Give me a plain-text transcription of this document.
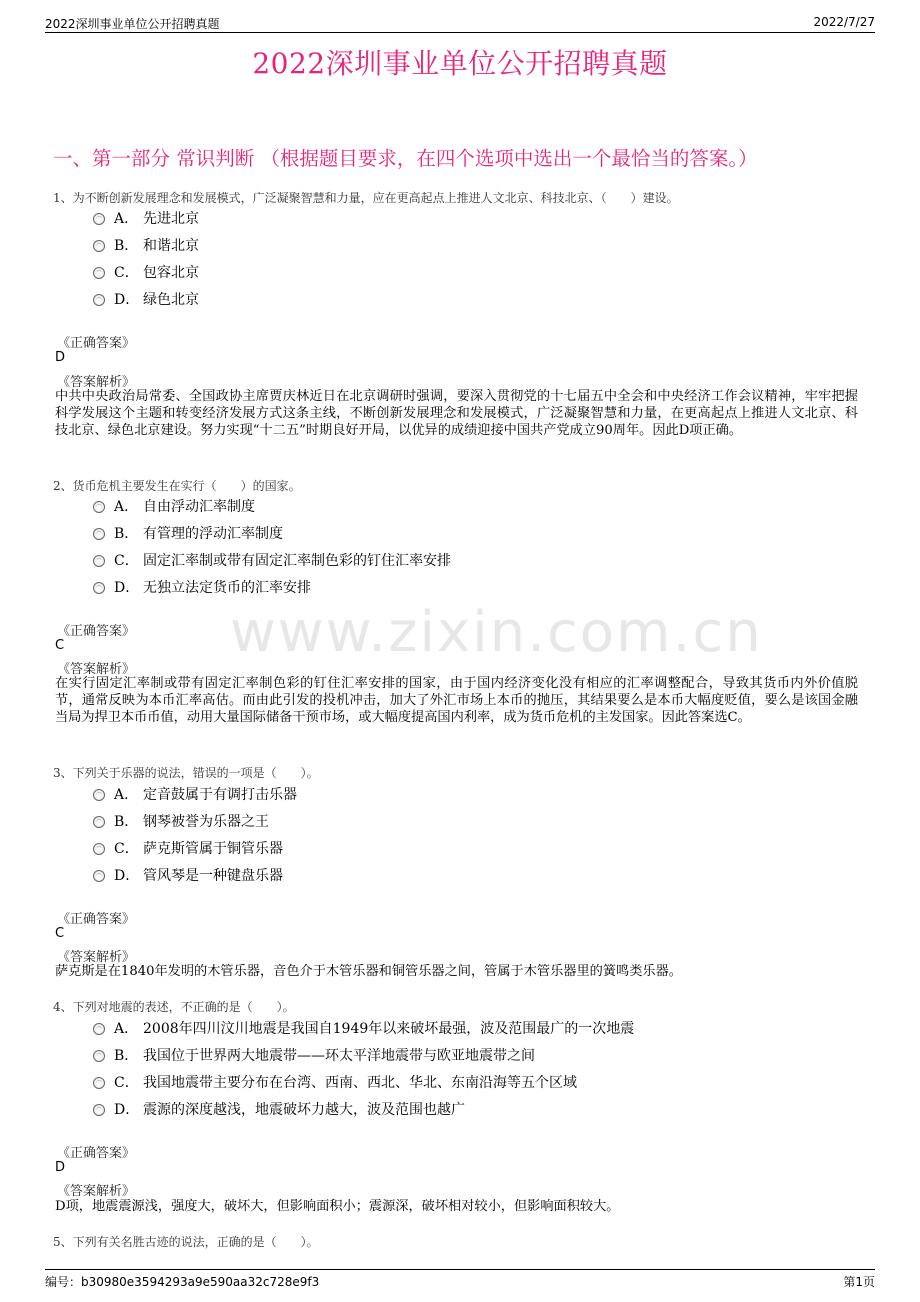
2022深圳事业单位公开招聘真题	2022/7/27
2022深圳事业单位公开招聘真题
一、第一部分 常识判断 （根据题目要求，在四个选项中选出一个最恰当的答案。）
www.zixin.com.cn
1、为不断创新发展理念和发展模式，广泛凝聚智慧和力量，应在更高起点上推进人文北京、科技北京、（　　）建设。
A． 先进北京
B． 和谐北京
C． 包容北京
D． 绿色北京
《正确答案》
D
《答案解析》
中共中央政治局常委、全国政协主席贾庆林近日在北京调研时强调，要深入贯彻党的十七届五中全会和中央经济工作会议精神，牢牢把握科学发展这个主题和转变经济发展方式这条主线，不断创新发展理念和发展模式，广泛凝聚智慧和力量，在更高起点上推进人文北京、科技北京、绿色北京建设。努力实现“十二五”时期良好开局，以优异的成绩迎接中国共产党成立90周年。因此D项正确。
2、货币危机主要发生在实行（　　）的国家。
A． 自由浮动汇率制度
B． 有管理的浮动汇率制度
C． 固定汇率制或带有固定汇率制色彩的钉住汇率安排
D． 无独立法定货币的汇率安排
《正确答案》
C
《答案解析》
在实行固定汇率制或带有固定汇率制色彩的钉住汇率安排的国家，由于国内经济变化没有相应的汇率调整配合，导致其货币内外价值脱节，通常反映为本币汇率高估。而由此引发的投机冲击，加大了外汇市场上本币的抛压，其结果要么是本币大幅度贬值，要么是该国金融当局为捍卫本币币值，动用大量国际储备干预市场，或大幅度提高国内利率，成为货币危机的主发国家。因此答案选C。
3、下列关于乐器的说法，错误的一项是（　　）。
A． 定音鼓属于有调打击乐器
B． 钢琴被誉为乐器之王
C． 萨克斯管属于铜管乐器
D． 管风琴是一种键盘乐器
《正确答案》
C
《答案解析》
萨克斯是在1840年发明的木管乐器，音色介于木管乐器和铜管乐器之间，管属于木管乐器里的簧鸣类乐器。
4、下列对地震的表述，不正确的是（　　）。
A． 2008年四川汶川地震是我国自1949年以来破坏最强，波及范围最广的一次地震
B． 我国位于世界两大地震带——环太平洋地震带与欧亚地震带之间
C． 我国地震带主要分布在台湾、西南、西北、华北、东南沿海等五个区域
D． 震源的深度越浅，地震破坏力越大，波及范围也越广
《正确答案》
D
《答案解析》
D项，地震震源浅，强度大，破坏大，但影响面积小；震源深，破坏相对较小，但影响面积较大。
5、下列有关名胜古迹的说法，正确的是（　　）。
编号：b30980e3594293a9e590aa32c728e9f3	第1页
